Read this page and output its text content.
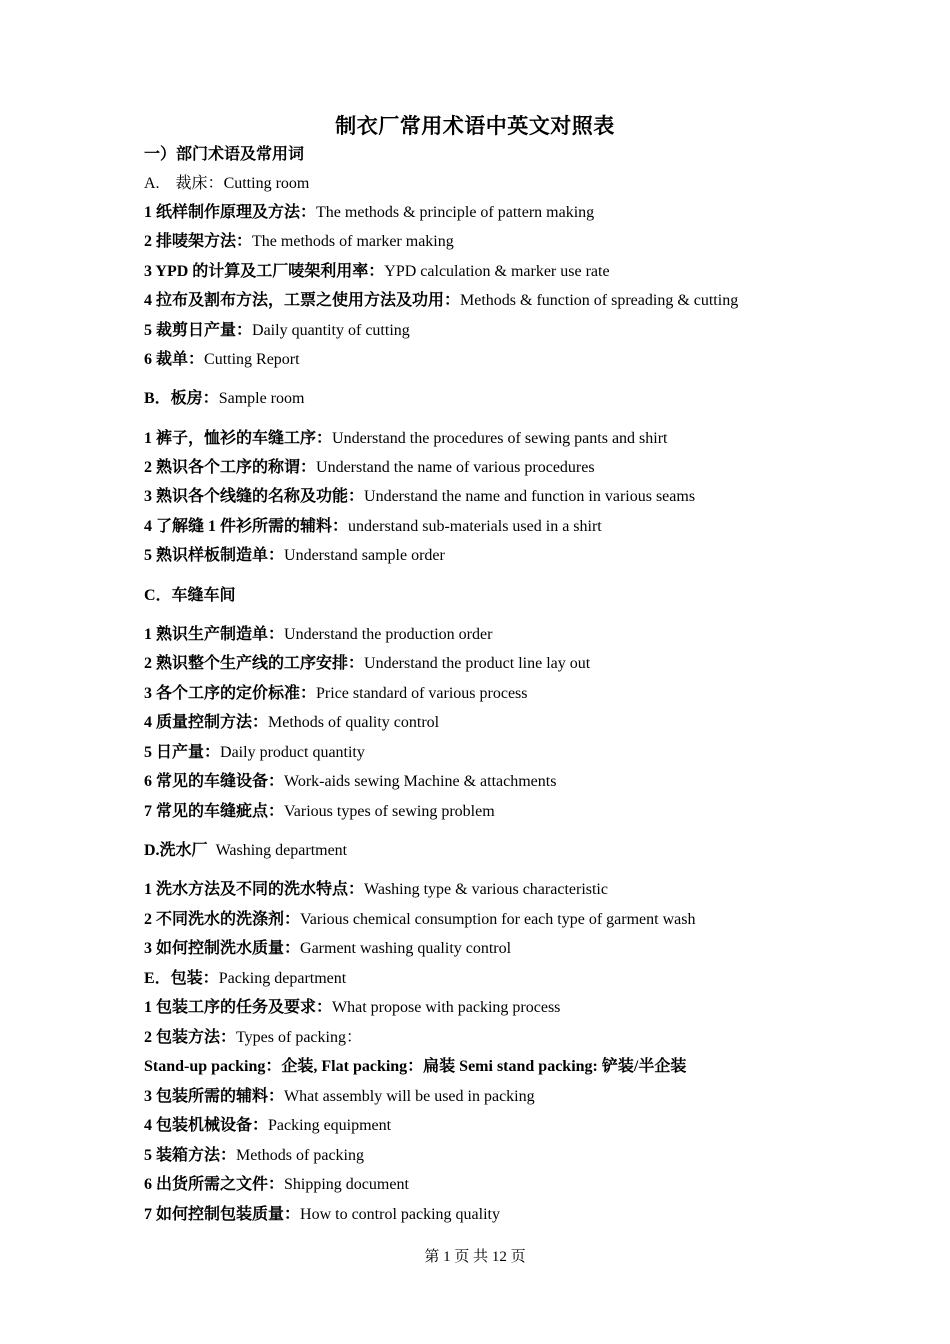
制衣厂常用术语中英文对照表
一）部门术语及常用词
A.    裁床：Cutting room
1 纸样制作原理及方法：The methods & principle of pattern making
2 排唛架方法：The methods of marker making
3 YPD 的计算及工厂唛架利用率：YPD calculation & marker use rate
4 拉布及割布方法，工票之使用方法及功用：Methods & function of spreading & cutting
5 裁剪日产量：Daily quantity of cutting
6 裁单：Cutting Report
B．板房：Sample room
1 裤子，恤衫的车缝工序：Understand the procedures of sewing pants and shirt
2 熟识各个工序的称谓：Understand the name of various procedures
3 熟识各个线缝的名称及功能：Understand the name and function in various seams
4 了解缝 1 件衫所需的辅料：understand sub-materials used in a shirt
5 熟识样板制造单：Understand sample order
C．车缝车间
1 熟识生产制造单：Understand the production order
2 熟识整个生产线的工序安排：Understand the product line lay out
3 各个工序的定价标准：Price standard of various process
4 质量控制方法：Methods of quality control
5 日产量：Daily product quantity
6 常见的车缝设备：Work-aids sewing Machine & attachments
7 常见的车缝疵点：Various types of sewing problem
D.洗水厂  Washing department
1 洗水方法及不同的洗水特点：Washing type & various characteristic
2 不同洗水的洗涤剂：Various chemical consumption for each type of garment wash
3 如何控制洗水质量：Garment washing quality control
E．包装：Packing department
1 包装工序的任务及要求：What propose with packing process
2 包装方法：Types of packing：
Stand-up packing：企装, Flat packing：扁装 Semi stand packing: 铲装/半企装
3 包装所需的辅料：What assembly will be used in packing
4 包装机械设备：Packing equipment
5 装箱方法：Methods of packing
6 出货所需之文件：Shipping document
7 如何控制包装质量：How to control packing quality
第 1 页 共 12 页
